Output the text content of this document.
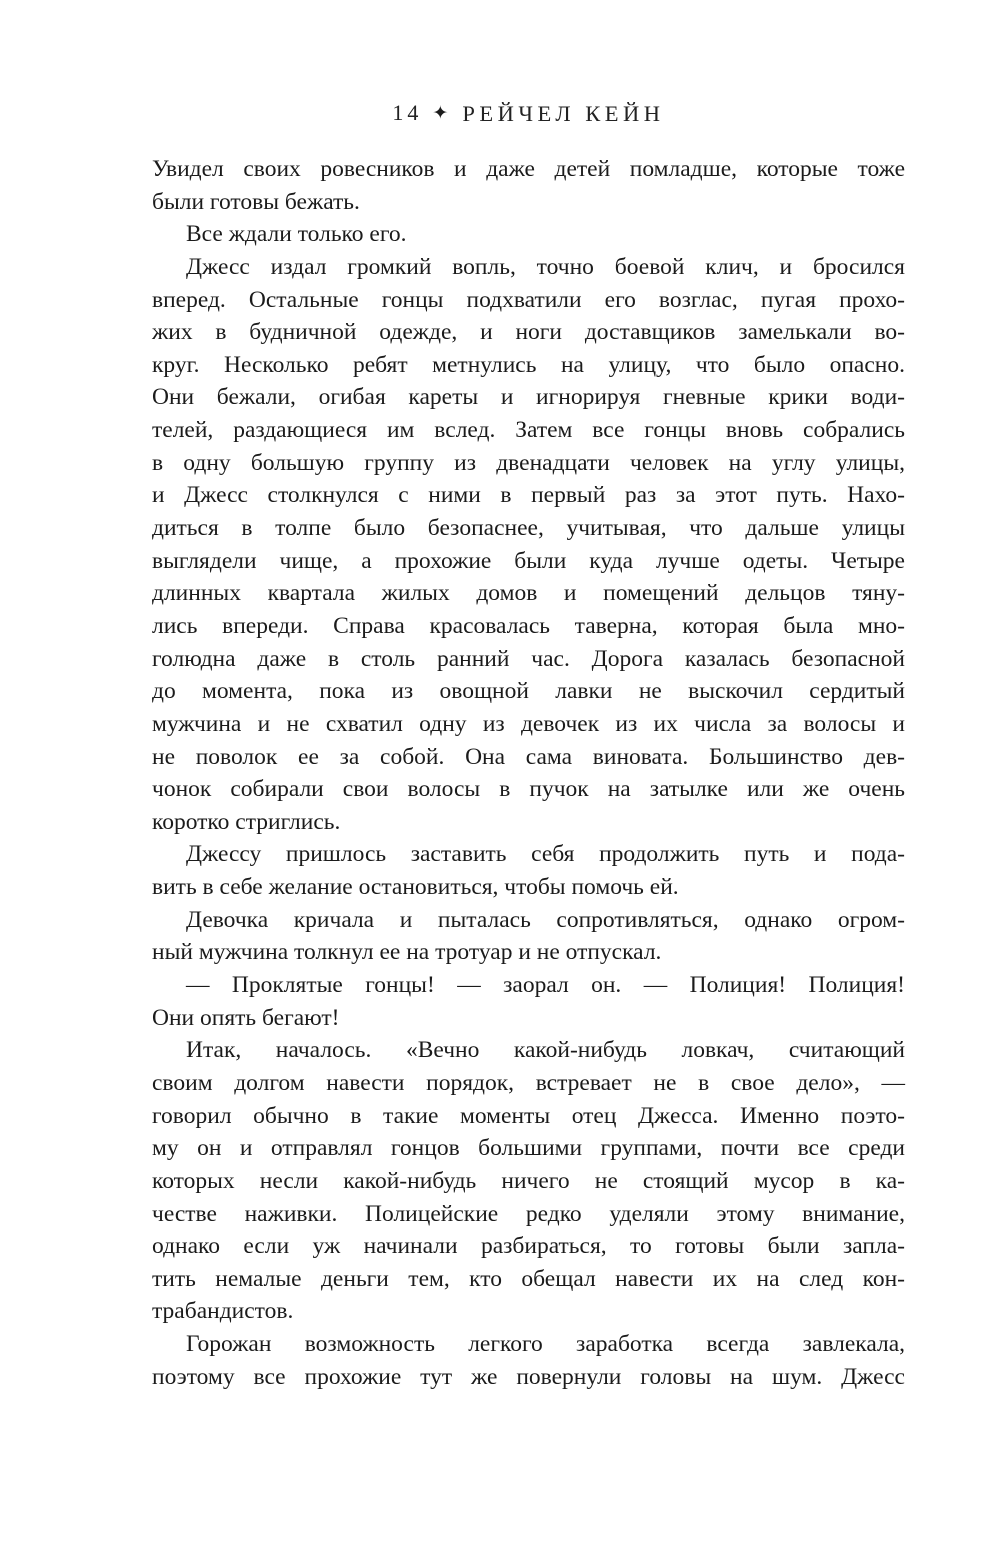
14 ✦ РЕЙЧЕЛ КЕЙН
Увидел своих ровесников и даже детей помладше, которые тоже
были готовы бежать.
Все ждали только его.
Джесс издал громкий вопль, точно боевой клич, и бросился
вперед. Остальные гонцы подхватили его возглас, пугая прохо-
жих в будничной одежде, и ноги доставщиков замелькали во-
круг. Несколько ребят метнулись на улицу, что было опасно.
Они бежали, огибая кареты и игнорируя гневные крики води-
телей, раздающиеся им вслед. Затем все гонцы вновь собрались
в одну большую группу из двенадцати человек на углу улицы,
и Джесс столкнулся с ними в первый раз за этот путь. Нахо-
диться в толпе было безопаснее, учитывая, что дальше улицы
выглядели чище, а прохожие были куда лучше одеты. Четыре
длинных квартала жилых домов и помещений дельцов тяну-
лись впереди. Справа красовалась таверна, которая была мно-
голюдна даже в столь ранний час. Дорога казалась безопасной
до момента, пока из овощной лавки не выскочил сердитый
мужчина и не схватил одну из девочек из их числа за волосы и
не поволок ее за собой. Она сама виновата. Большинство дев-
чонок собирали свои волосы в пучок на затылке или же очень
коротко стриглись.
Джессу пришлось заставить себя продолжить путь и пода-
вить в себе желание остановиться, чтобы помочь ей.
Девочка кричала и пыталась сопротивляться, однако огром-
ный мужчина толкнул ее на тротуар и не отпускал.
— Проклятые гонцы! — заорал он. — Полиция! Полиция!
Они опять бегают!
Итак, началось. «Вечно какой-нибудь ловкач, считающий
своим долгом навести порядок, встревает не в свое дело», —
говорил обычно в такие моменты отец Джесса. Именно поэто-
му он и отправлял гонцов большими группами, почти все среди
которых несли какой-нибудь ничего не стоящий мусор в ка-
честве наживки. Полицейские редко уделяли этому внимание,
однако если уж начинали разбираться, то готовы были запла-
тить немалые деньги тем, кто обещал навести их на след кон-
трабандистов.
Горожан возможность легкого заработка всегда завлекала,
поэтому все прохожие тут же повернули головы на шум. Джесс
